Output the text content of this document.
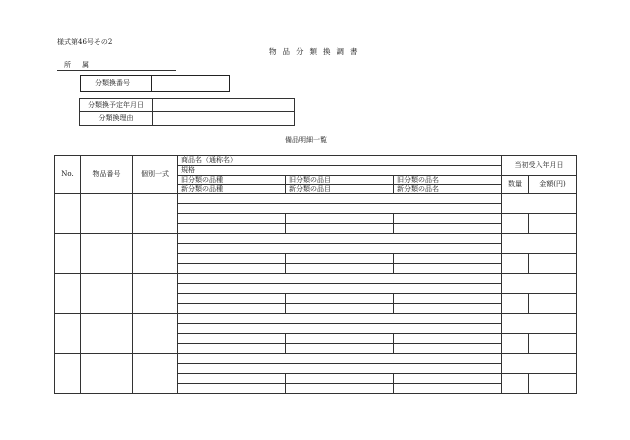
様式第46号その2
物品分類換調書
所　属
分類換番号
分類換予定年月日	
分類換理由	
備品明細一覧
No.	物品番号	個別一式	商品名（通称名）			当初受入年月日	
			規格				
			旧分類の品種	旧分類の品目	旧分類の品名	数量	金額(円)
			新分類の品種	新分類の品目	新分類の品名		
